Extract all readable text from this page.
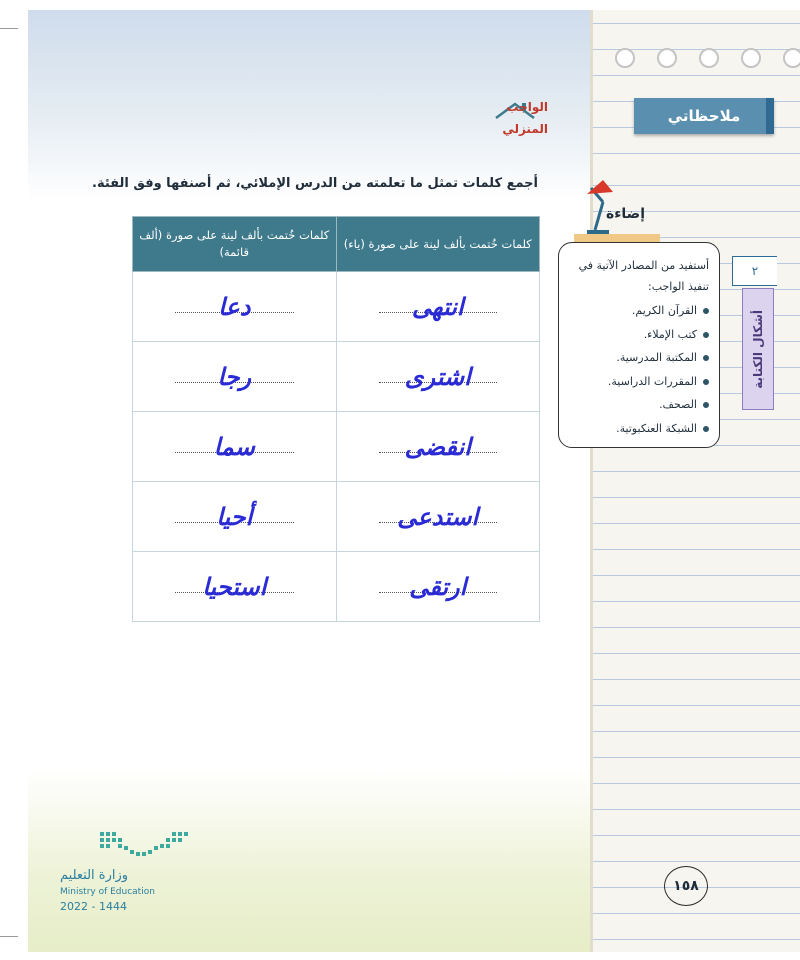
ملاحظاتي
الواجب
المنزلي
أجمع كلمات تمثل ما تعلمته من الدرس الإملائي، ثم أصنفها وفق الفئة.
كلمات خُتمت بألف لينة على صورة (ياء)	كلمات خُتمت بألف لينة على صورة (ألف قائمة)

انتهى	دعا

اشترى	رجا

انقضى	سما

استدعى	أحيا

ارتقى	استحيا
إضاءة
أستفيد من المصادر الآتية في تنفيذ الواجب:
القرآن الكريم.
كتب الإملاء.
المكتبة المدرسية.
المقررات الدراسية.
الصحف.
الشبكة العنكبوتية.
٢
أشكال الكتابة
١٥٨
وزارة التعليم
Ministry of Education
2022 - 1444
